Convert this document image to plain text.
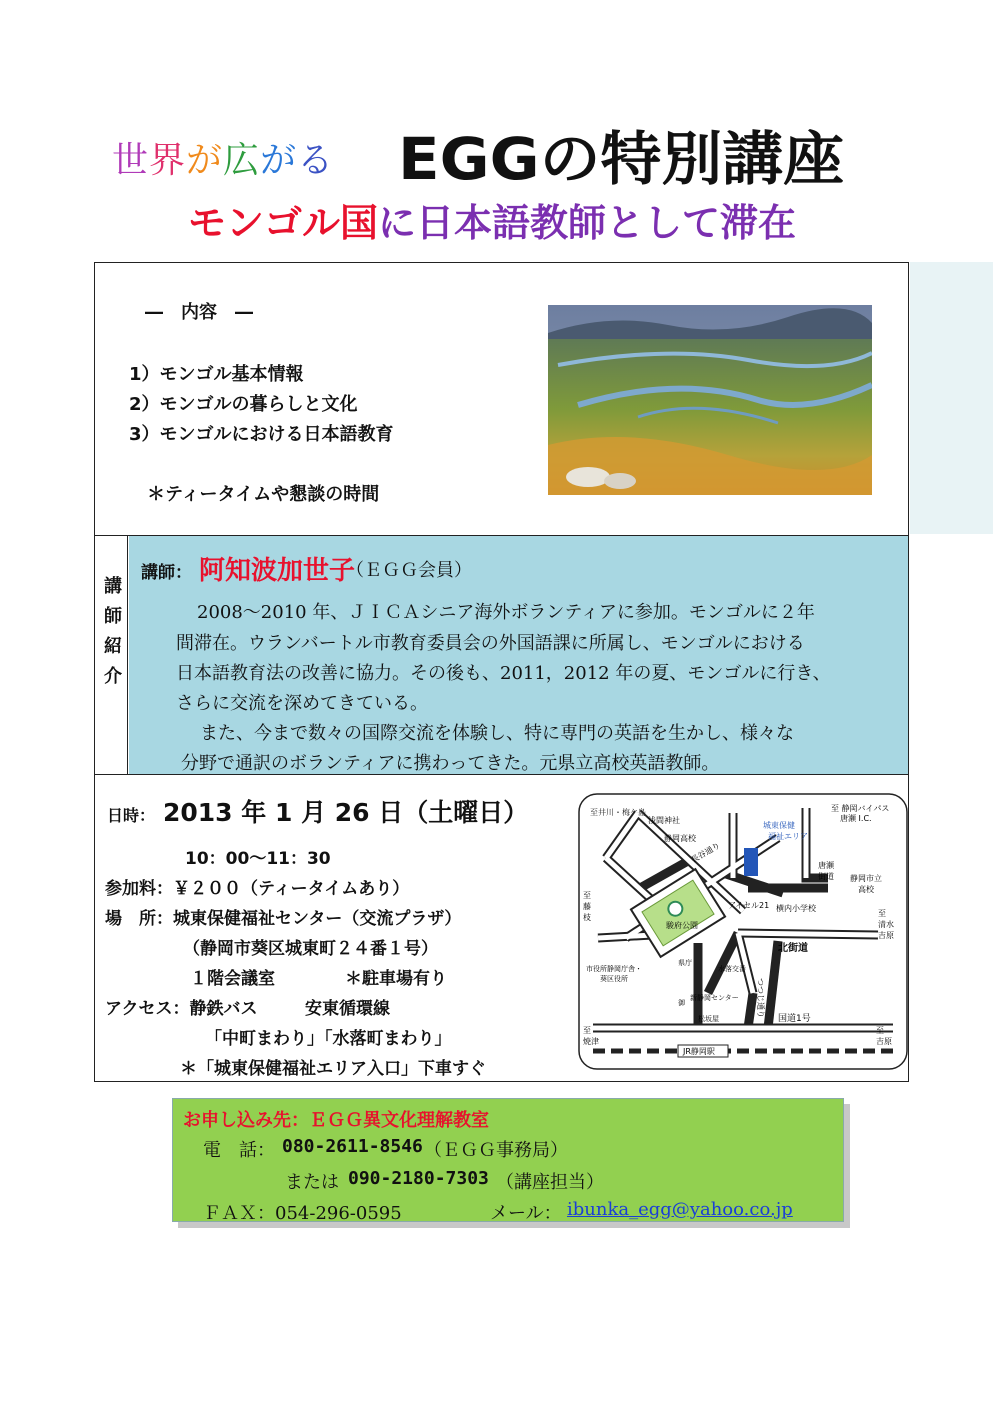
世界が広がる EGGの特別講座
モンゴル国に日本語教師として滞在
―　内容　―
1）モンゴル基本情報
2）モンゴルの暮らしと文化
3）モンゴルにおける日本語教育
＊ティータイムや懇談の時間
講師紹介
講師： 阿知波加世子
（ＥＧＧ会員）
2008～2010 年、ＪＩＣＡシニア海外ボランティアに参加。モンゴルに２年
間滞在。ウランバートル市教育委員会の外国語課に所属し、モンゴルにおける
日本語教育法の改善に協力。その後も、2011，2012 年の夏、モンゴルに行き、
さらに交流を深めてきている。
また、今まで数々の国際交流を体験し、特に専門の英語を生かし、様々な
分野で通訳のボランティアに携わってきた。元県立高校英語教師。
日時： 2013 年 1 月 26 日（土曜日）
10：00～11：30
参加料：￥２００（ティータイムあり）
場　所：城東保健福祉センター（交流プラザ）
（静岡市葵区城東町２４番１号）
１階会議室	＊駐車場有り
アクセス：静鉄バス	安東循環線
「中町まわり」「水落町まわり」
＊「城東保健福祉エリア入口」下車すぐ
至井川・梅ケ島
浅間神社
静岡高校
長谷通り
至 静岡バイパス
唐瀬 I.C.
城東保健
福祉エリア
唐瀬
街道 静岡市立
高校
アイセル21 横内小学校
駿府公園
北街道
至
藤
枝	至
清水
吉原
県庁
市役所静岡庁舎・
葵区役所
水落交番
つつじ通り
新静岡センター
御
松坂屋	国道1号
至
焼津
至
吉原
JR静岡駅
お申し込み先：ＥＧＧ異文化理解教室
電　話： 080-2611-8546 （ＥＧＧ事務局）
または 090-2180-7303 （講座担当）
ＦＡＸ：054-296-0595	メール： ibunka_egg@yahoo.co.jp
